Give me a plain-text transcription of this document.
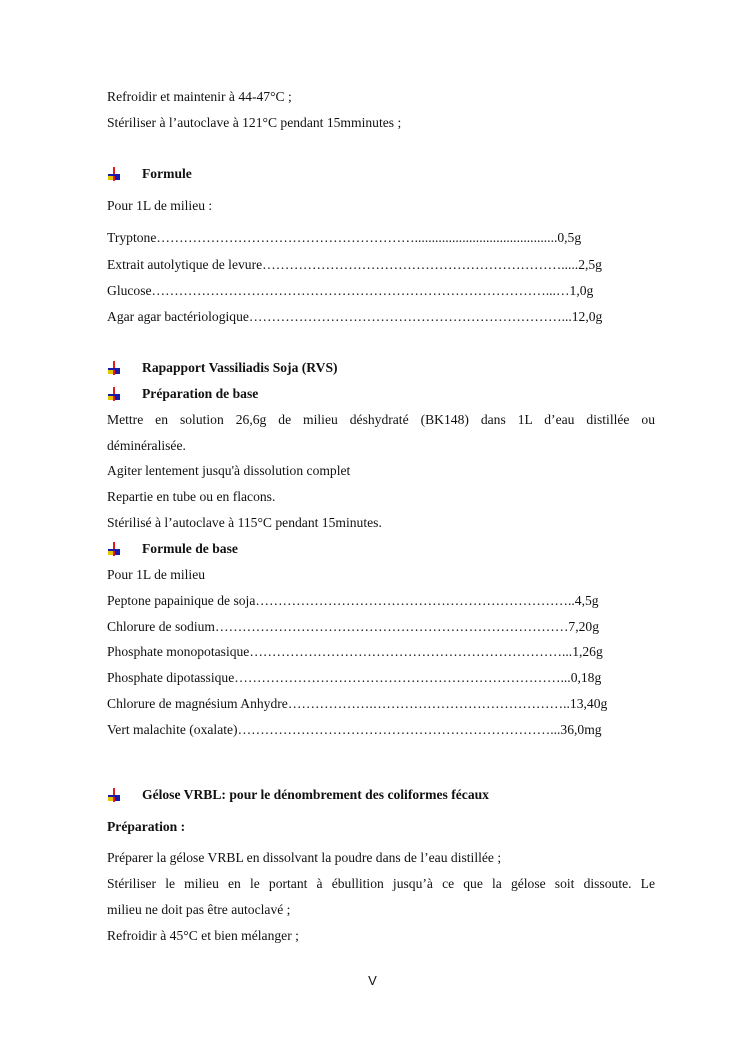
Refroidir et maintenir à 44-47°C ;
Stériliser à l’autoclave à 121°C pendant 15mminutes ;
Formule
Pour 1L de milieu :
Tryptone…………………………………………………..........................................0,5g
Extrait autolytique de levure………………………………………………………….....2,5g
Glucose……………………………………………………………………………...…1,0g
Agar agar bactériologique……………………………………………………………...12,0g
Rapapport Vassiliadis Soja (RVS)
Préparation de base
Mettre en solution 26,6g de milieu déshydraté (BK148) dans 1L d’eau distillée ou
déminéralisée.
Agiter lentement jusqu'à dissolution complet
Repartie en tube ou en flacons.
Stérilisé à l’autoclave à 115°C pendant 15minutes.
Formule de base
Pour 1L de milieu
Peptone papainique de soja……………………………………………………………..4,5g
Chlorure de sodium……………………………………………………………………7,20g
Phosphate monopotasique……………………………………………………………...1,26g
Phosphate dipotassique………………………………………………………………...0,18g
Chlorure de magnésium Anhydre……………….……………………………………..13,40g
Vert malachite (oxalate)……………………………………………………………...36,0mg
Gélose VRBL: pour le dénombrement des coliformes fécaux
Préparation :
Préparer la gélose VRBL en dissolvant la poudre dans de l’eau distillée ;
Stériliser le milieu en le portant à ébullition jusqu’à ce que la gélose soit dissoute. Le
milieu ne doit pas être autoclavé ;
Refroidir à 45°C et bien mélanger ;
V
